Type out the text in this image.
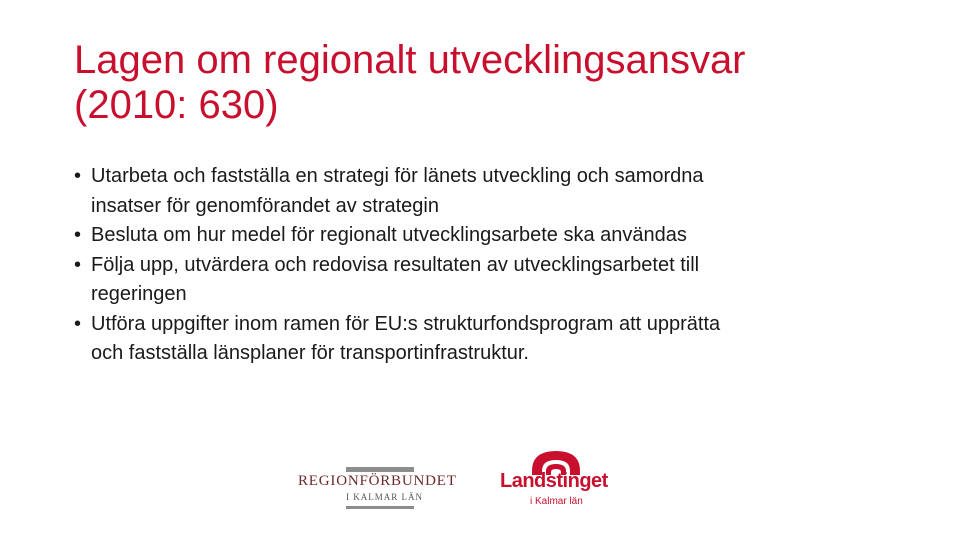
Lagen om regionalt utvecklingsansvar
(2010: 630)
• Utarbeta och fastställa en strategi för länets utveckling och samordna
insatser för genomförandet av strategin
• Besluta om hur medel för regionalt utvecklingsarbete ska användas
• Följa upp, utvärdera och redovisa resultaten av utvecklingsarbetet till
regeringen
• Utföra uppgifter inom ramen för EU:s strukturfondsprogram att upprätta
och fastställa länsplaner för transportinfrastruktur.
REGIONFÖRBUNDET
I KALMAR LÄN
Landstinget
i Kalmar län
